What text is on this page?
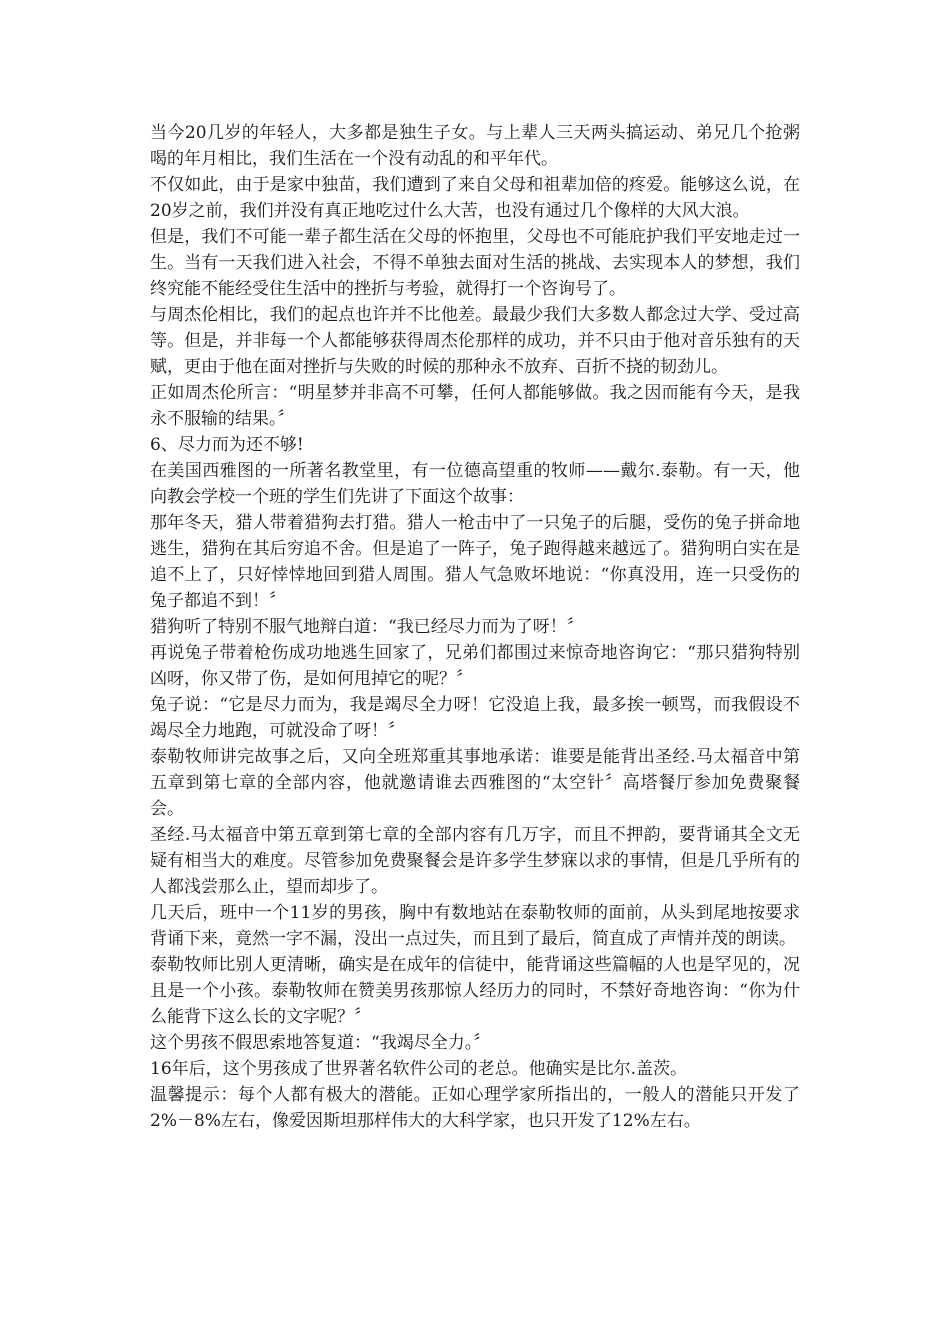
当今20几岁的年轻人，大多都是独生子女。与上辈人三天两头搞运动、弟兄几个抢粥喝的年月相比，我们生活在一个没有动乱的和平年代。

不仅如此，由于是家中独苗，我们遭到了来自父母和祖辈加倍的疼爱。能够这么说，在20岁之前，我们并没有真正地吃过什么大苦，也没有通过几个像样的大风大浪。

但是，我们不可能一辈子都生活在父母的怀抱里，父母也不可能庇护我们平安地走过一生。当有一天我们进入社会，不得不单独去面对生活的挑战、去实现本人的梦想，我们终究能不能经受住生活中的挫折与考验，就得打一个咨询号了。

与周杰伦相比，我们的起点也许并不比他差。最最少我们大多数人都念过大学、受过高等。但是，并非每一个人都能够获得周杰伦那样的成功，并不只由于他对音乐独有的天赋，更由于他在面对挫折与失败的时候的那种永不放弃、百折不挠的韧劲儿。

正如周杰伦所言：“明星梦并非高不可攀，任何人都能够做。我之因而能有今天，是我永不服输的结果。〞

6、尽力而为还不够!

在美国西雅图的一所著名教堂里，有一位德高望重的牧师——戴尔.泰勒。有一天，他向教会学校一个班的学生们先讲了下面这个故事：

那年冬天，猎人带着猎狗去打猎。猎人一枪击中了一只兔子的后腿，受伤的兔子拼命地逃生，猎狗在其后穷追不舍。但是追了一阵子，兔子跑得越来越远了。猎狗明白实在是追不上了，只好悻悻地回到猎人周围。猎人气急败坏地说：“你真没用，连一只受伤的兔子都追不到！〞

猎狗听了特别不服气地辩白道：“我已经尽力而为了呀！〞

再说兔子带着枪伤成功地逃生回家了，兄弟们都围过来惊奇地咨询它：“那只猎狗特别凶呀，你又带了伤，是如何甩掉它的呢？〞

兔子说：“它是尽力而为，我是竭尽全力呀！它没追上我，最多挨一顿骂，而我假设不竭尽全力地跑，可就没命了呀！〞

泰勒牧师讲完故事之后，又向全班郑重其事地承诺：谁要是能背出圣经.马太福音中第五章到第七章的全部内容，他就邀请谁去西雅图的“太空针〞高塔餐厅参加免费聚餐会。

圣经.马太福音中第五章到第七章的全部内容有几万字，而且不押韵，要背诵其全文无疑有相当大的难度。尽管参加免费聚餐会是许多学生梦寐以求的事情，但是几乎所有的人都浅尝那么止，望而却步了。

几天后，班中一个11岁的男孩，胸中有数地站在泰勒牧师的面前，从头到尾地按要求背诵下来，竟然一字不漏，没出一点过失，而且到了最后，简直成了声情并茂的朗读。

泰勒牧师比别人更清晰，确实是在成年的信徒中，能背诵这些篇幅的人也是罕见的，况且是一个小孩。泰勒牧师在赞美男孩那惊人经历力的同时，不禁好奇地咨询：“你为什么能背下这么长的文字呢？〞

这个男孩不假思索地答复道：“我竭尽全力。〞

16年后，这个男孩成了世界著名软件公司的老总。他确实是比尔.盖茨。

温馨提示：每个人都有极大的潜能。正如心理学家所指出的，一般人的潜能只开发了2%－8%左右，像爱因斯坦那样伟大的大科学家，也只开发了12%左右。
